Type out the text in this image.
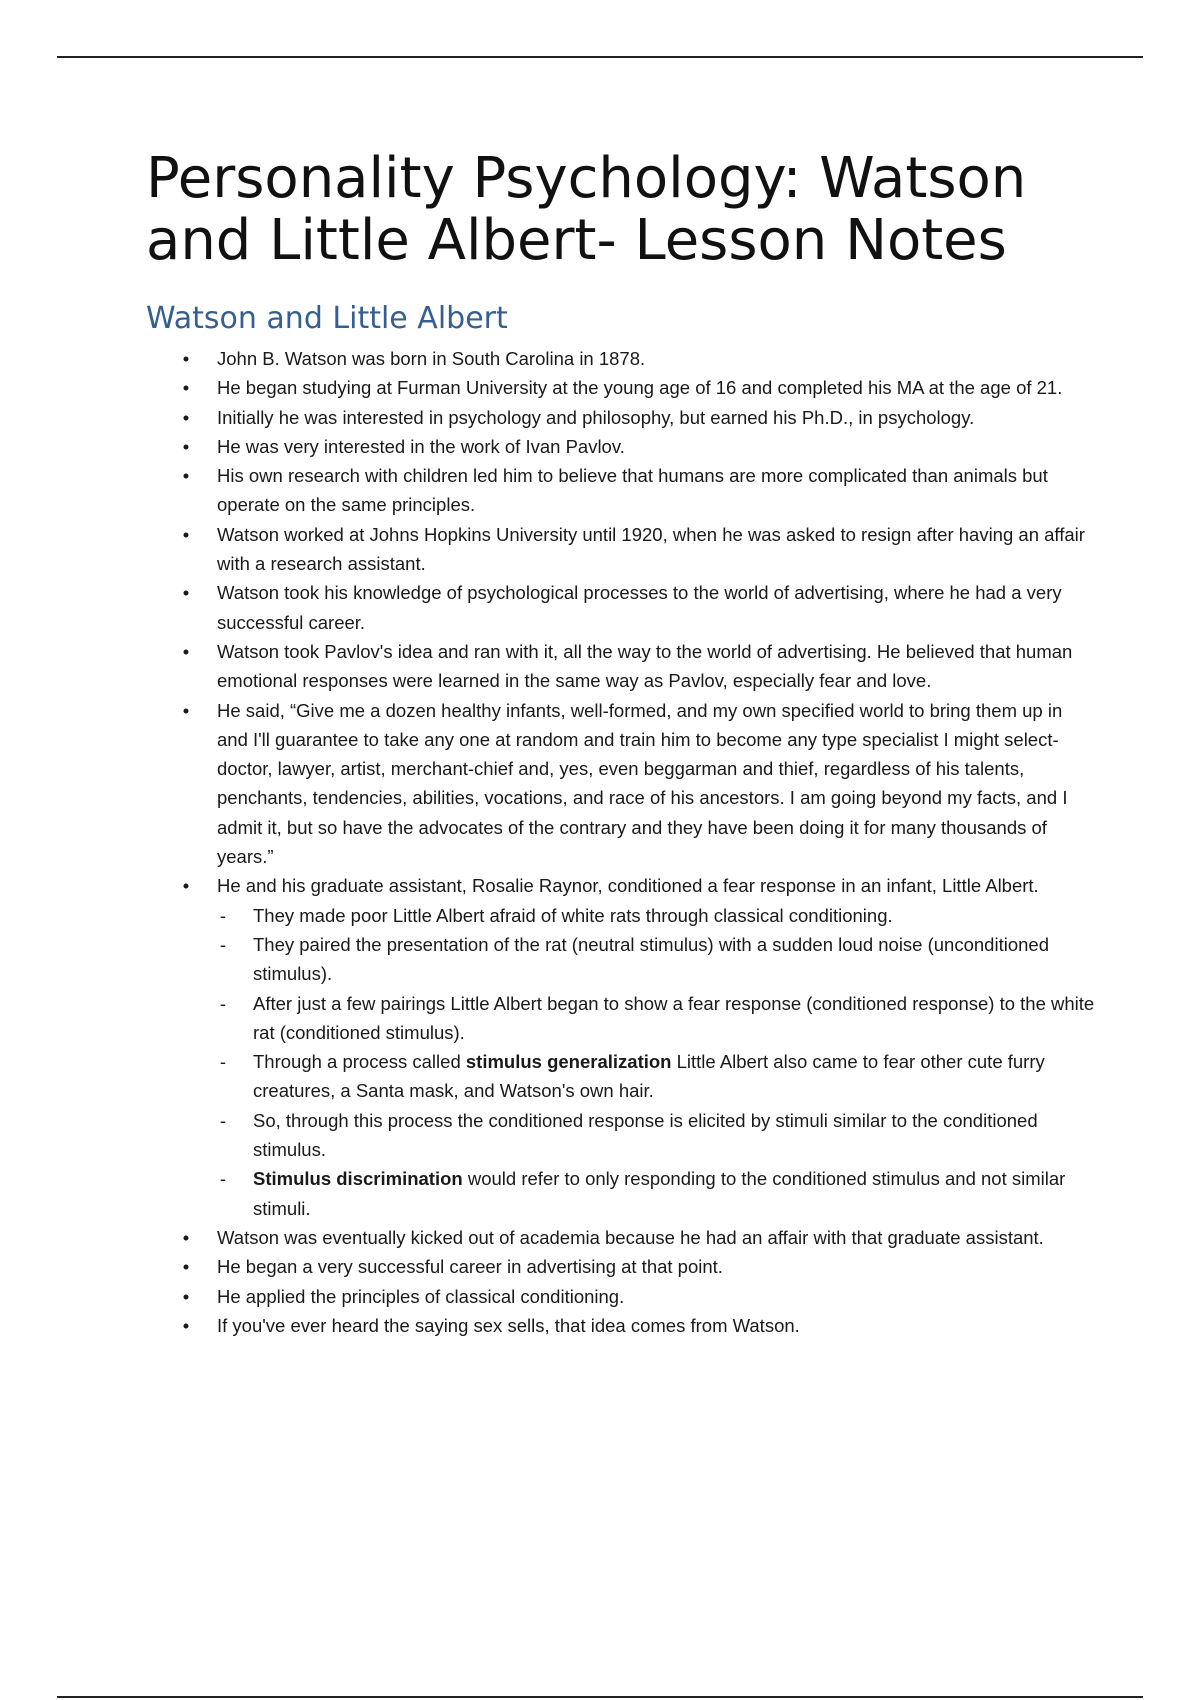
Personality Psychology: Watson and Little Albert- Lesson Notes
Watson and Little Albert
• John B. Watson was born in South Carolina in 1878.
• He began studying at Furman University at the young age of 16 and completed his MA at the age of 21.
• Initially he was interested in psychology and philosophy, but earned his Ph.D., in psychology.
• He was very interested in the work of Ivan Pavlov.
• His own research with children led him to believe that humans are more complicated than animals but operate on the same principles.
• Watson worked at Johns Hopkins University until 1920, when he was asked to resign after having an affair with a research assistant.
• Watson took his knowledge of psychological processes to the world of advertising, where he had a very successful career.
• Watson took Pavlov's idea and ran with it, all the way to the world of advertising. He believed that human emotional responses were learned in the same way as Pavlov, especially fear and love.
• He said, “Give me a dozen healthy infants, well-formed, and my own specified world to bring them up in and I'll guarantee to take any one at random and train him to become any type specialist I might select- doctor, lawyer, artist, merchant-chief and, yes, even beggarman and thief, regardless of his talents, penchants, tendencies, abilities, vocations, and race of his ancestors. I am going beyond my facts, and I admit it, but so have the advocates of the contrary and they have been doing it for many thousands of years.”
• He and his graduate assistant, Rosalie Raynor, conditioned a fear response in an infant, Little Albert.
- They made poor Little Albert afraid of white rats through classical conditioning.
- They paired the presentation of the rat (neutral stimulus) with a sudden loud noise (unconditioned stimulus).
- After just a few pairings Little Albert began to show a fear response (conditioned response) to the white rat (conditioned stimulus).
- Through a process called stimulus generalization Little Albert also came to fear other cute furry creatures, a Santa mask, and Watson's own hair.
- So, through this process the conditioned response is elicited by stimuli similar to the conditioned stimulus.
- Stimulus discrimination would refer to only responding to the conditioned stimulus and not similar stimuli.
• Watson was eventually kicked out of academia because he had an affair with that graduate assistant.
• He began a very successful career in advertising at that point.
• He applied the principles of classical conditioning.
• If you've ever heard the saying sex sells, that idea comes from Watson.
